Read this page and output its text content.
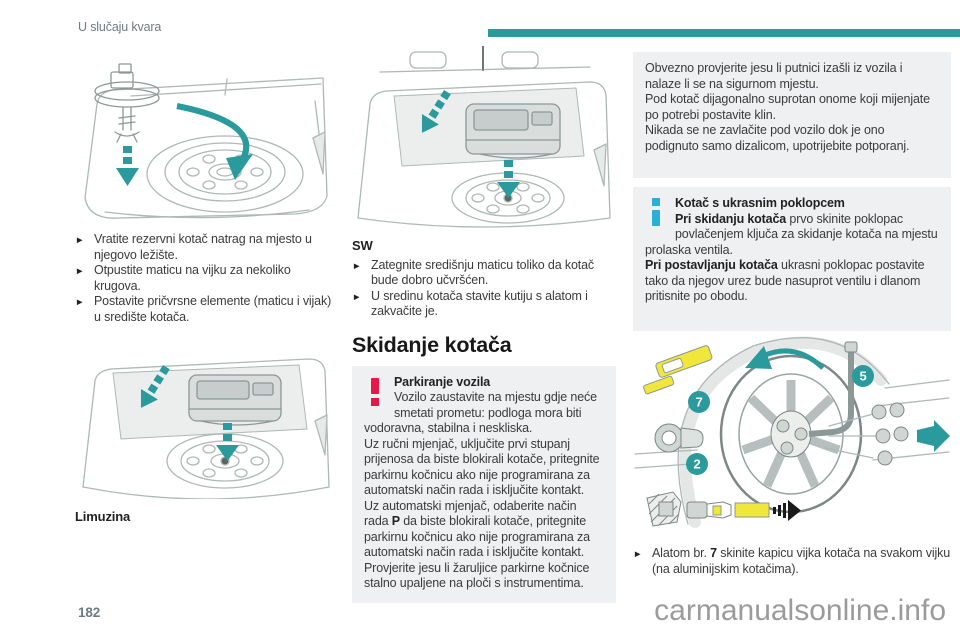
U slučaju kvara
► Vratite rezervni kotač natrag na mjesto u njegovo ležište.
► Otpustite maticu na vijku za nekoliko krugova.
► Postavite pričvrsne elemente (maticu i vijak) u središte kotača.
Limuzina
SW
► Zategnite središnju maticu toliko da kotač bude dobro učvršćen.
► U sredinu kotača stavite kutiju s alatom i zakvačite je.
Skidanje kotača
Parkiranje vozila
Vozilo zaustavite na mjestu gdje neće smetati prometu: podloga mora biti vodoravna, stabilna i neskliska.
Uz ručni mjenjač, uključite prvi stupanj prijenosa da biste blokirali kotače, pritegnite parkirnu kočnicu ako nije programirana za automatski način rada i isključite kontakt.
Uz automatski mjenjač, odaberite način rada P da biste blokirali kotače, pritegnite parkirnu kočnicu ako nije programirana za automatski način rada i isključite kontakt.
Provjerite jesu li žaruljice parkirne kočnice stalno upaljene na ploči s instrumentima.
Obvezno provjerite jesu li putnici izašli iz vozila i nalaze li se na sigurnom mjestu.
Pod kotač dijagonalno suprotan onome koji mijenjate po potrebi postavite klin.
Nikada se ne zavlačite pod vozilo dok je ono podignuto samo dizalicom, upotrijebite potporanj.
Kotač s ukrasnim poklopcem
Pri skidanju kotača prvo skinite poklopac povlačenjem ključa za skidanje kotača na mjestu prolaska ventila.
Pri postavljanju kotača ukrasni poklopac postavite tako da njegov urez bude nasuprot ventilu i dlanom pritisnite po obodu.
5
7
2
► Alatom br. 7 skinite kapicu vijka kotača na svakom vijku (na aluminijskim kotačima).
182	carmanualsonline.info
